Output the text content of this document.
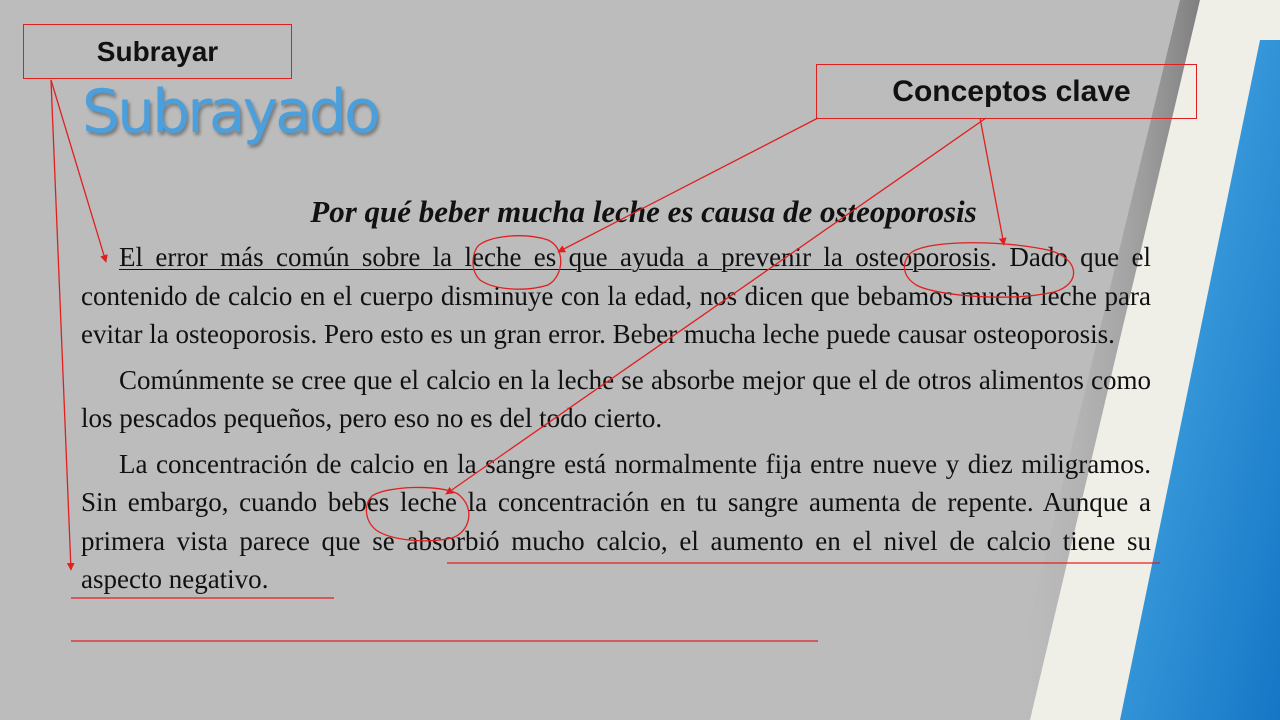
Subrayado
Subrayar
Conceptos clave
Por qué beber mucha leche es causa de osteoporosis

El error más común sobre la leche es que ayuda a prevenir la osteoporosis. Dado que el contenido de calcio en el cuerpo disminuye con la edad, nos dicen que bebamos mucha leche para evitar la osteoporosis. Pero esto es un gran error. Beber mucha leche puede causar osteoporosis.

Comúnmente se cree que el calcio en la leche se absorbe mejor que el de otros alimentos como los pescados pequeños, pero eso no es del todo cierto.

La concentración de calcio en la sangre está normalmente fija entre nueve y diez miligramos. Sin embargo, cuando bebes leche la concentración en tu sangre aumenta de repente. Aunque a primera vista parece que se absorbió mucho calcio, el aumento en el nivel de calcio tiene su aspecto negativo.
